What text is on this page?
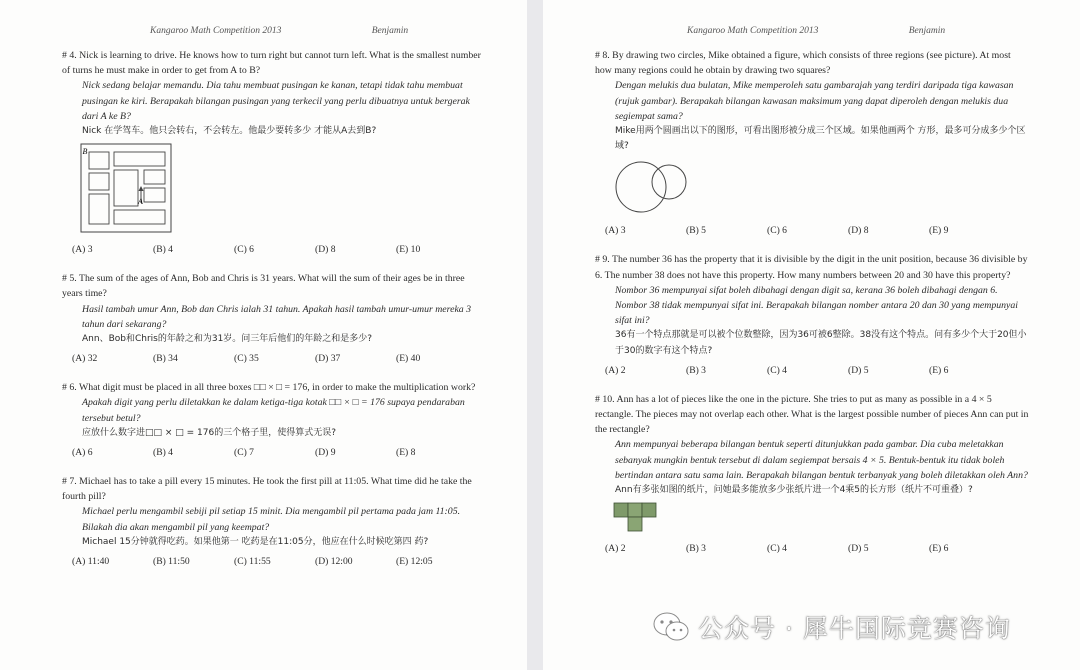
Kangaroo Math Competition 2013	Benjamin
# 4. Nick is learning to drive. He knows how to turn right but cannot turn left. What is the smallest number of turns he must make in order to get from A to B?
Nick sedang belajar memandu. Dia tahu membuat pusingan ke kanan, tetapi tidak tahu membuat pusingan ke kiri. Berapakah bilangan pusingan yang terkecil yang perlu dibuatnya untuk bergerak dari A ke B?
Nick 在学驾车。他只会转右，不会转左。他最少要转多少 才能从A去到B?
B
A
(A) 3	(B) 4	(C) 6	(D) 8	(E) 10
# 5. The sum of the ages of Ann, Bob and Chris is 31 years. What will the sum of their ages be in three years time?
Hasil tambah umur Ann, Bob dan Chris ialah 31 tahun. Apakah hasil tambah umur-umur mereka 3 tahun dari sekarang?
Ann、Bob和Chris的年龄之和为31岁。问三年后他们的年龄之和是多少?
(A) 32	(B) 34	(C) 35	(D) 37	(E) 40
# 6. What digit must be placed in all three boxes □□ × □ = 176, in order to make the multiplication work?
Apakah digit yang perlu diletakkan ke dalam ketiga-tiga kotak □□ × □ = 176 supaya pendaraban tersebut betul?
应放什么数字进□□ × □ = 176的三个格子里，使得算式无误?
(A) 6	(B) 4	(C) 7	(D) 9	(E) 8
# 7. Michael has to take a pill every 15 minutes. He took the first pill at 11:05. What time did he take the fourth pill?
Michael perlu mengambil sebiji pil setiap 15 minit. Dia mengambil pil pertama pada jam 11:05. Bilakah dia akan mengambil pil yang keempat?
Michael 15分钟就得吃药。如果他第一 吃药是在11:05分，他应在什么时候吃第四 药?
(A) 11:40	(B) 11:50	(C) 11:55	(D) 12:00	(E) 12:05
Kangaroo Math Competition 2013	Benjamin
# 8. By drawing two circles, Mike obtained a figure, which consists of three regions (see picture). At most how many regions could he obtain by drawing two squares?
Dengan melukis dua bulatan, Mike memperoleh satu gambarajah yang terdiri daripada tiga kawasan (rujuk gambar). Berapakah bilangan kawasan maksimum yang dapat diperoleh dengan melukis dua segiempat sama?
Mike用两个圆画出以下的图形，可看出图形被分成三个区域。如果他画两个 方形，最多可分成多少个区域?
(A) 3	(B) 5	(C) 6	(D) 8	(E) 9
# 9. The number 36 has the property that it is divisible by the digit in the unit position, because 36 divisible by 6. The number 38 does not have this property. How many numbers between 20 and 30 have this property?
Nombor 36 mempunyai sifat boleh dibahagi dengan digit sa, kerana 36 boleh dibahagi dengan 6. Nombor 38 tidak mempunyai sifat ini. Berapakah bilangan nomber antara 20 dan 30 yang mempunyai sifat ini?
36有一个特点那就是可以被个位数整除，因为36可被6整除。38没有这个特点。问有多少个大于20但小于30的数字有这个特点?
(A) 2	(B) 3	(C) 4	(D) 5	(E) 6
# 10. Ann has a lot of pieces like the one in the picture. She tries to put as many as possible in a 4 × 5 rectangle. The pieces may not overlap each other. What is the largest possible number of pieces Ann can put in the rectangle?
Ann mempunyai beberapa bilangan bentuk seperti ditunjukkan pada gambar. Dia cuba meletakkan sebanyak mungkin bentuk tersebut di dalam segiempat bersais 4 × 5. Bentuk-bentuk itu tidak boleh bertindan antara satu sama lain. Berapakah bilangan bentuk terbanyak yang boleh diletakkan oleh Ann?
Ann有多张如图的纸片，问她最多能放多少张纸片进一个4乘5的长方形（纸片不可重叠）?
(A) 2	(B) 3	(C) 4	(D) 5	(E) 6
公众号 · 犀牛国际竞赛咨询
